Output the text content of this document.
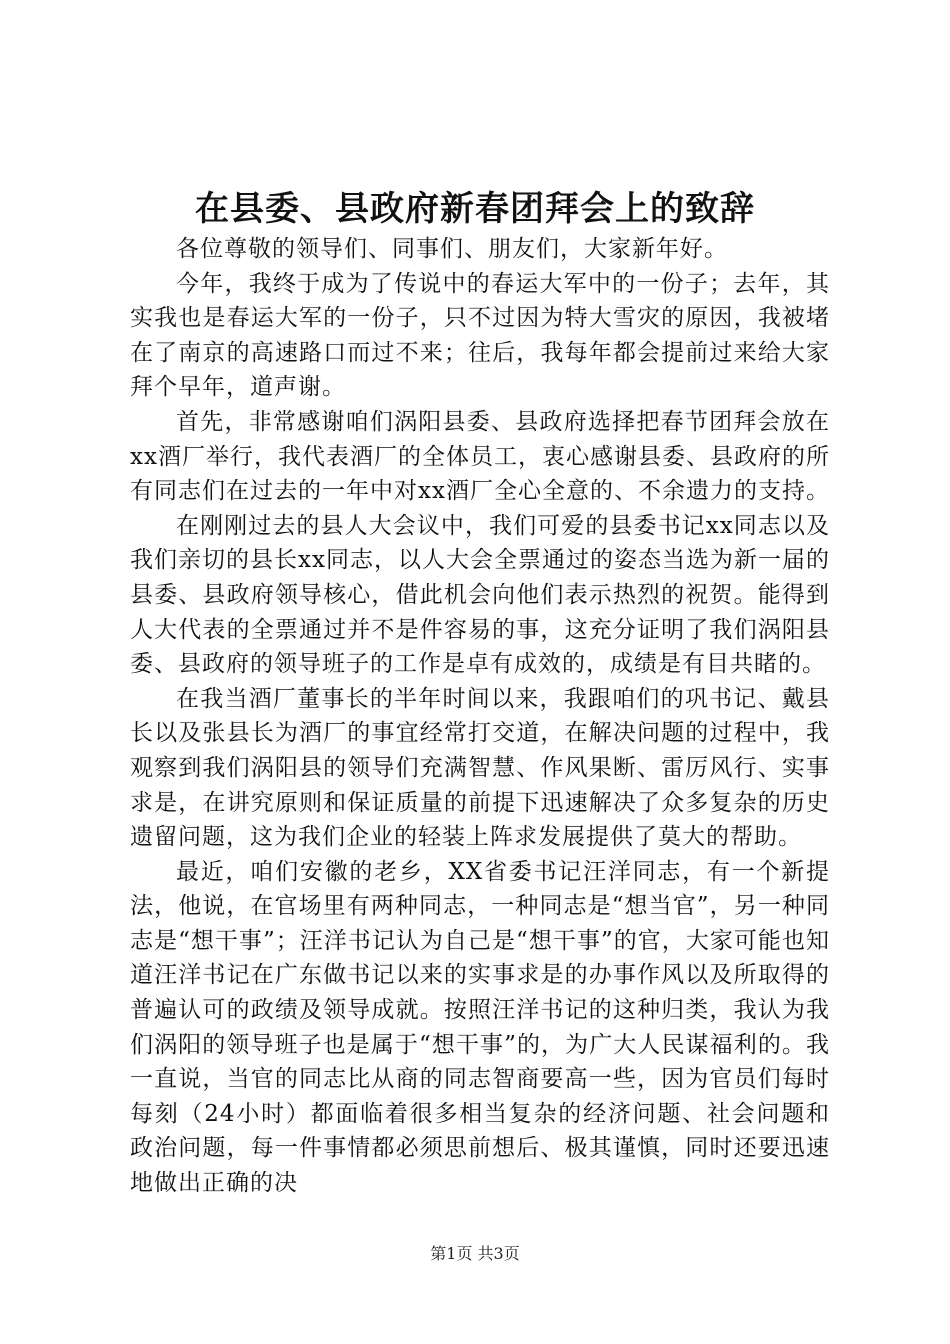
在县委、县政府新春团拜会上的致辞

各位尊敬的领导们、同事们、朋友们，大家新年好。

今年，我终于成为了传说中的春运大军中的一份子；去年，其实我也是春运大军的一份子，只不过因为特大雪灾的原因，我被堵在了南京的高速路口而过不来；往后，我每年都会提前过来给大家拜个早年，道声谢。

首先，非常感谢咱们涡阳县委、县政府选择把春节团拜会放在xx酒厂举行，我代表酒厂的全体员工，衷心感谢县委、县政府的所有同志们在过去的一年中对xx酒厂全心全意的、不余遗力的支持。

在刚刚过去的县人大会议中，我们可爱的县委书记xx同志以及我们亲切的县长xx同志，以人大会全票通过的姿态当选为新一届的县委、县政府领导核心，借此机会向他们表示热烈的祝贺。能得到人大代表的全票通过并不是件容易的事，这充分证明了我们涡阳县委、县政府的领导班子的工作是卓有成效的，成绩是有目共睹的。

在我当酒厂董事长的半年时间以来，我跟咱们的巩书记、戴县长以及张县长为酒厂的事宜经常打交道，在解决问题的过程中，我观察到我们涡阳县的领导们充满智慧、作风果断、雷厉风行、实事求是，在讲究原则和保证质量的前提下迅速解决了众多复杂的历史遗留问题，这为我们企业的轻装上阵求发展提供了莫大的帮助。

最近，咱们安徽的老乡，XX省委书记汪洋同志，有一个新提法，他说，在官场里有两种同志，一种同志是“想当官”，另一种同志是“想干事”；汪洋书记认为自己是“想干事”的官，大家可能也知道汪洋书记在广东做书记以来的实事求是的办事作风以及所取得的普遍认可的政绩及领导成就。按照汪洋书记的这种归类，我认为我们涡阳的领导班子也是属于“想干事”的，为广大人民谋福利的。我一直说，当官的同志比从商的同志智商要高一些，因为官员们每时每刻（24小时）都面临着很多相当复杂的经济问题、社会问题和政治问题，每一件事情都必须思前想后、极其谨慎，同时还要迅速地做出正确的决

第1页 共3页
